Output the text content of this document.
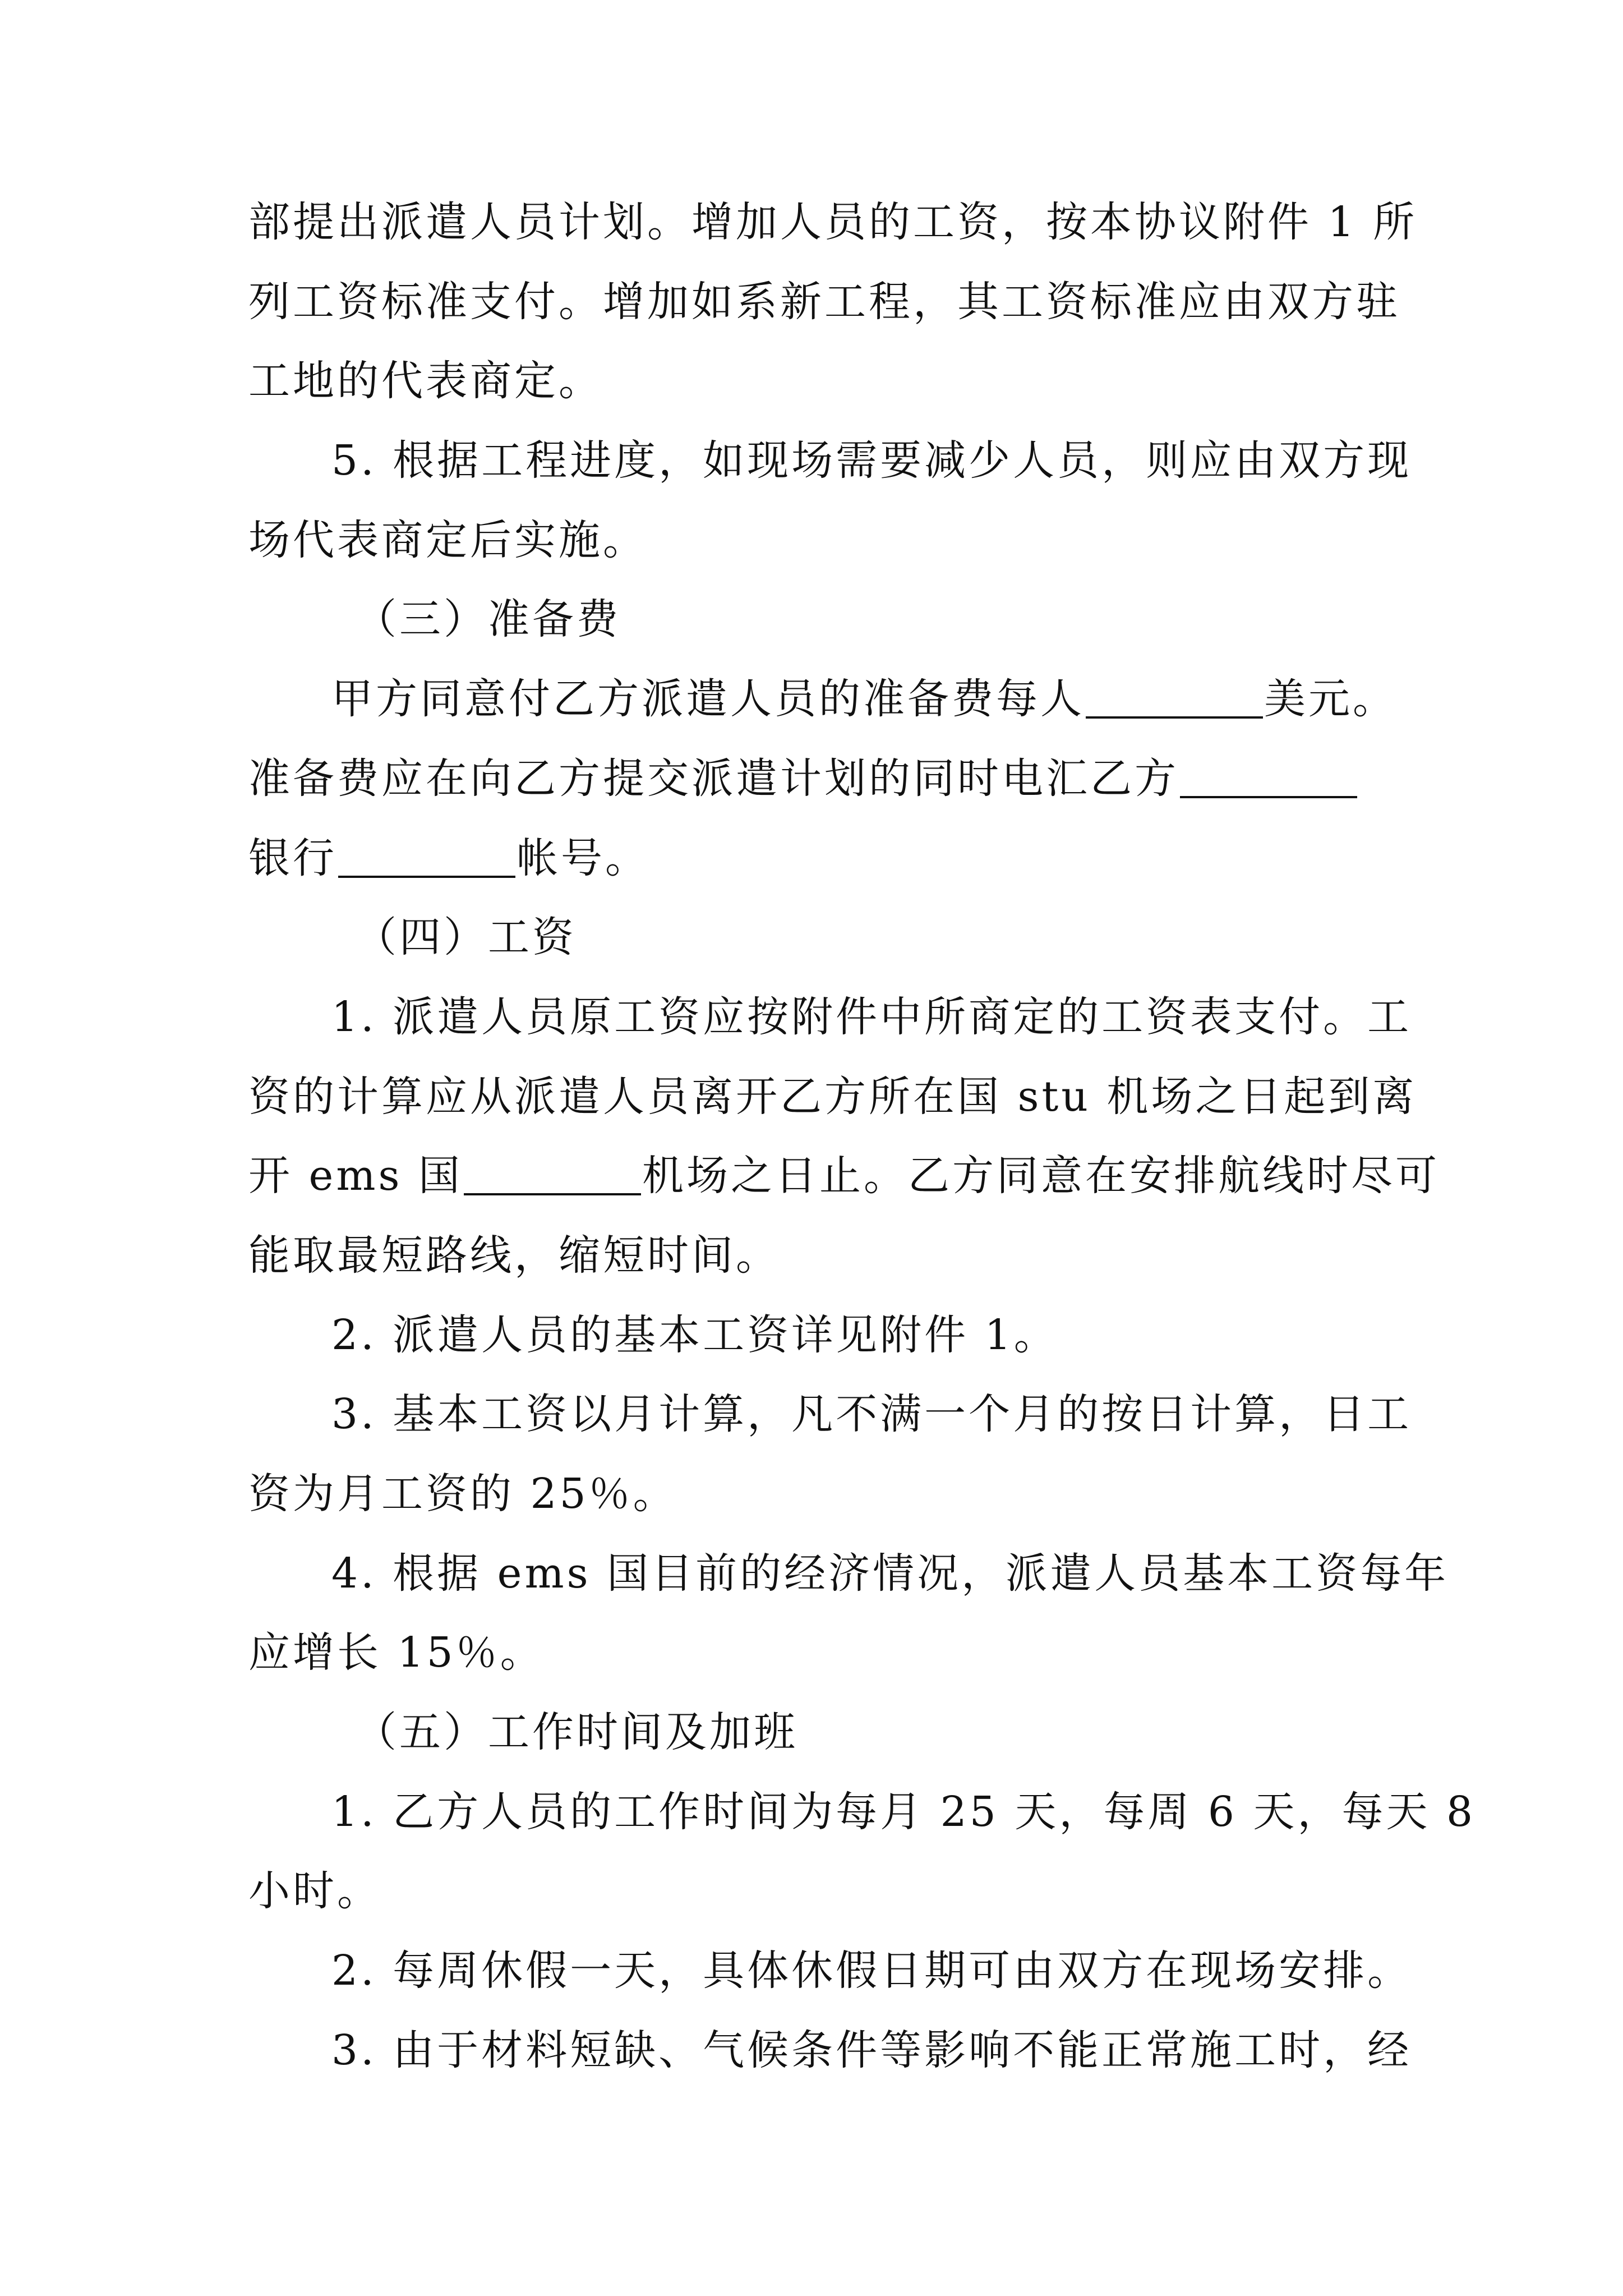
部提出派遣人员计划。增加人员的工资，按本协议附件 1 所
列工资标准支付。增加如系新工程，其工资标准应由双方驻
工地的代表商定。
5. 根据工程进度，如现场需要减少人员，则应由双方现
场代表商定后实施。
（三）准备费
甲方同意付乙方派遣人员的准备费每人	美元。
准备费应在向乙方提交派遣计划的同时电汇乙方
银行	帐号。
（四）工资
1. 派遣人员原工资应按附件中所商定的工资表支付。工
资的计算应从派遣人员离开乙方所在国 stu 机场之日起到离
开 ems 国	机场之日止。乙方同意在安排航线时尽可
能取最短路线，缩短时间。
2. 派遣人员的基本工资详见附件 1。
3. 基本工资以月计算，凡不满一个月的按日计算，日工
资为月工资的 25％。
4. 根据 ems 国目前的经济情况，派遣人员基本工资每年
应增长 15％。
（五）工作时间及加班
1. 乙方人员的工作时间为每月 25 天，每周 6 天，每天 8
小时。
2. 每周休假一天，具体休假日期可由双方在现场安排。
3. 由于材料短缺、气候条件等影响不能正常施工时，经
